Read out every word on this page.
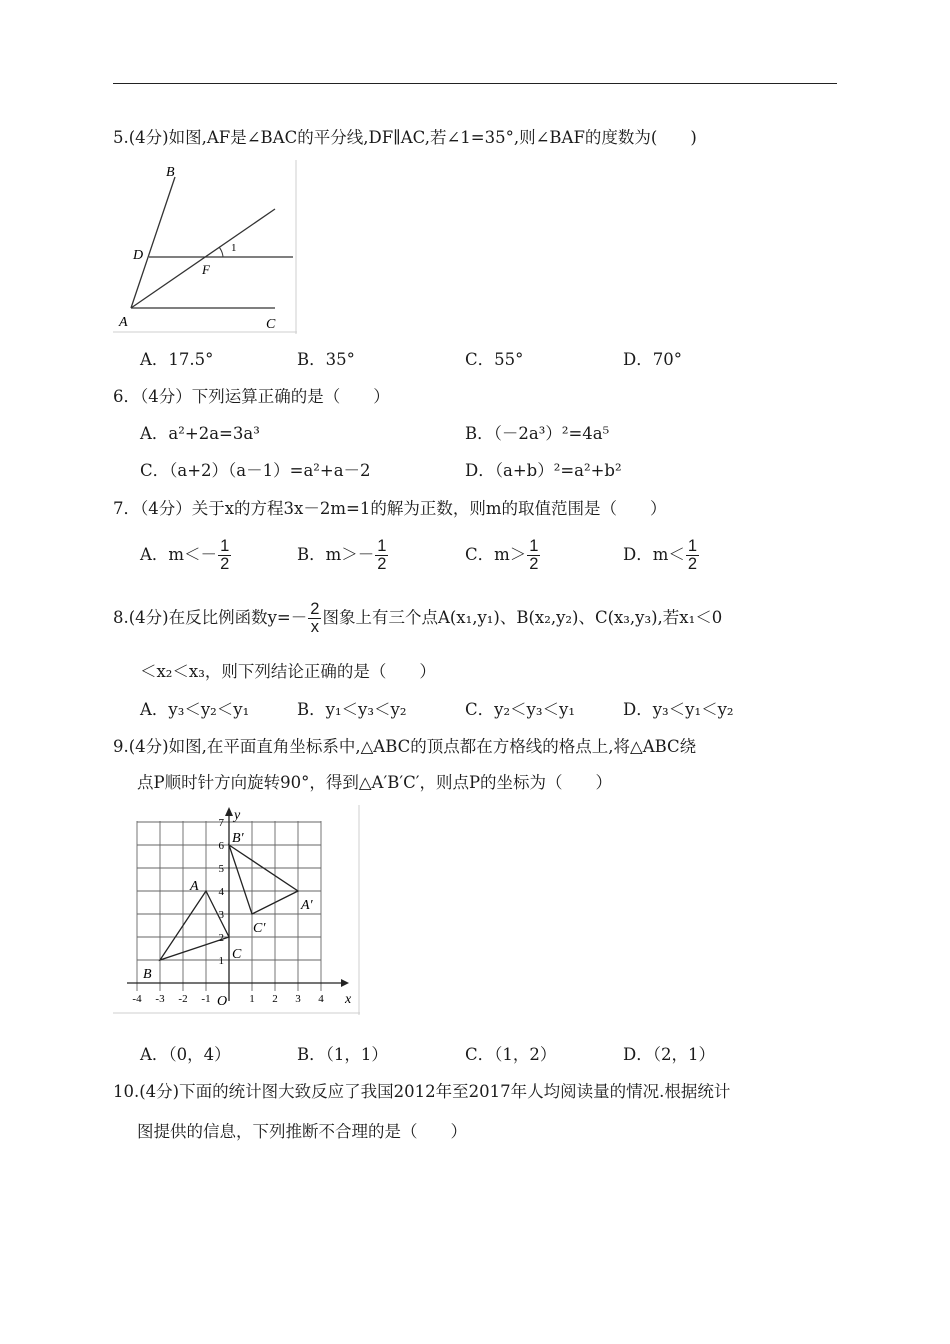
5.(4分)如图,AF是∠BAC的平分线,DF∥AC,若∠1=35°,则∠BAF的度数为(　　)
B
D
F
1
A	C
A．17.5°	B．35°	C．55°	D．70°
6．（4分）下列运算正确的是（　　）
A．a²+2a=3a³	B．（－2a³）²=4a⁵
C．（a+2）（a－1）=a²+a－2	D．（a+b）²=a²+b²
7．（4分）关于x的方程3x－2m=1的解为正数，则m的取值范围是（　　）
A．$m<- \frac{1}{2}$	B．$m>- \frac{1}{2}$	C．$m> \frac{1}{2}$	D．$m< \frac{1}{2}$
8.(4分)在反比例函数$y=- \frac{2}{x}$ 图象上有三个点A(x₁,y₁)、B(x₂,y₂)、C(x₃,y₃),若x₁＜0
＜x₂＜x₃，则下列结论正确的是（　　）
A．y₃＜y₂＜y₁	B．y₁＜y₃＜y₂	C．y₂＜y₃＜y₁	D．y₃＜y₁＜y₂
9.(4分)如图,在平面直角坐标系中,△ABC的顶点都在方格线的格点上,将△ABC绕
点P顺时针方向旋转90°，得到△A′B′C′，则点P的坐标为（　　）
y
x
O
-4 -3 -2 -1	1 2 3 4
1
2
3
4
5
6
7
A
B
C
A′
B′
C′
A．（0，4）	B．（1，1）	C．（1，2）	D．（2，1）
10.(4分)下面的统计图大致反应了我国2012年至2017年人均阅读量的情况.根据统计
图提供的信息，下列推断不合理的是（　　）
